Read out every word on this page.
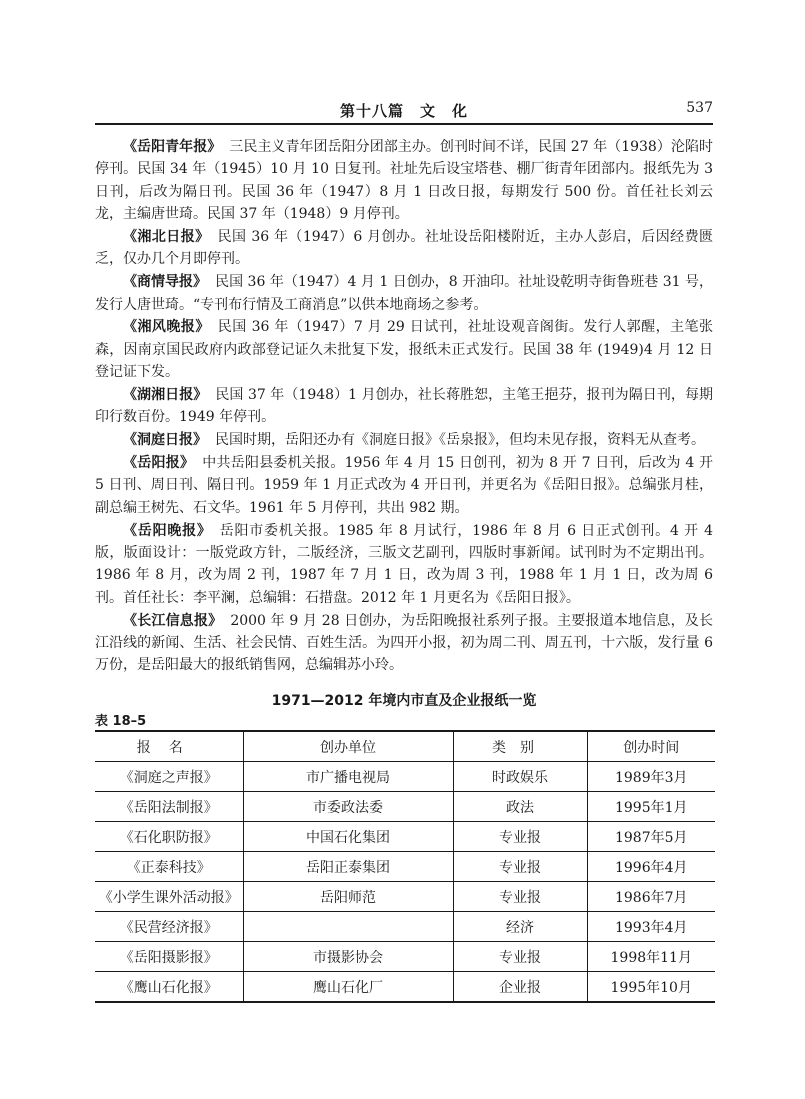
第十八篇　文　化	537

《岳阳青年报》 三民主义青年团岳阳分团部主办。创刊时间不详，民国 27 年（1938）沦陷时停刊。民国 34 年（1945）10 月 10 日复刊。社址先后设宝塔巷、棚厂街青年团部内。报纸先为 3 日刊，后改为隔日刊。民国 36 年（1947）8 月 1 日改日报，每期发行 500 份。首任社长刘云龙，主编唐世琦。民国 37 年（1948）9 月停刊。

《湘北日报》 民国 36 年（1947）6 月创办。社址设岳阳楼附近，主办人彭启，后因经费匮乏，仅办几个月即停刊。

《商情导报》 民国 36 年（1947）4 月 1 日创办，8 开油印。社址设乾明寺街鲁班巷 31 号，发行人唐世琦。“专刊布行情及工商消息”以供本地商场之参考。

《湘风晚报》 民国 36 年（1947）7 月 29 日试刊，社址设观音阁街。发行人郭醒，主笔张森，因南京国民政府内政部登记证久未批复下发，报纸未正式发行。民国 38 年 (1949)4 月 12 日登记证下发。

《湖湘日报》 民国 37 年（1948）1 月创办，社长蒋胜恕，主笔王挹芬，报刊为隔日刊，每期印行数百份。1949 年停刊。

《洞庭日报》 民国时期，岳阳还办有《洞庭日报》《岳泉报》，但均未见存报，资料无从查考。

《岳阳报》 中共岳阳县委机关报。1956 年 4 月 15 日创刊，初为 8 开 7 日刊，后改为 4 开 5 日刊、周日刊、隔日刊。1959 年 1 月正式改为 4 开日刊，并更名为《岳阳日报》。总编张月桂，副总编王树先、石文华。1961 年 5 月停刊，共出 982 期。

《岳阳晚报》 岳阳市委机关报。1985 年 8 月试行，1986 年 8 月 6 日正式创刊。4 开 4 版，版面设计：一版党政方针，二版经济，三版文艺副刊，四版时事新闻。试刊时为不定期出刊。1986 年 8 月，改为周 2 刊，1987 年 7 月 1 日，改为周 3 刊，1988 年 1 月 1 日，改为周 6 刊。首任社长：李平澜，总编辑：石措盘。2012 年 1 月更名为《岳阳日报》。

《长江信息报》 2000 年 9 月 28 日创办，为岳阳晚报社系列子报。主要报道本地信息，及长江沿线的新闻、生活、社会民情、百姓生活。为四开小报，初为周二刊、周五刊，十六版，发行量 6 万份，是岳阳最大的报纸销售网，总编辑苏小玲。

1971—2012 年境内市直及企业报纸一览
表 18–5
报名	创办单位	类别	创办时间
《洞庭之声报》	市广播电视局	时政娱乐	1989年3月
《岳阳法制报》	市委政法委	政法	1995年1月
《石化职防报》	中国石化集团	专业报	1987年5月
《正泰科技》	岳阳正泰集团	专业报	1996年4月
《小学生课外活动报》	岳阳师范	专业报	1986年7月
《民营经济报》		经济	1993年4月
《岳阳摄影报》	市摄影协会	专业报	1998年11月
《鹰山石化报》	鹰山石化厂	企业报	1995年10月
